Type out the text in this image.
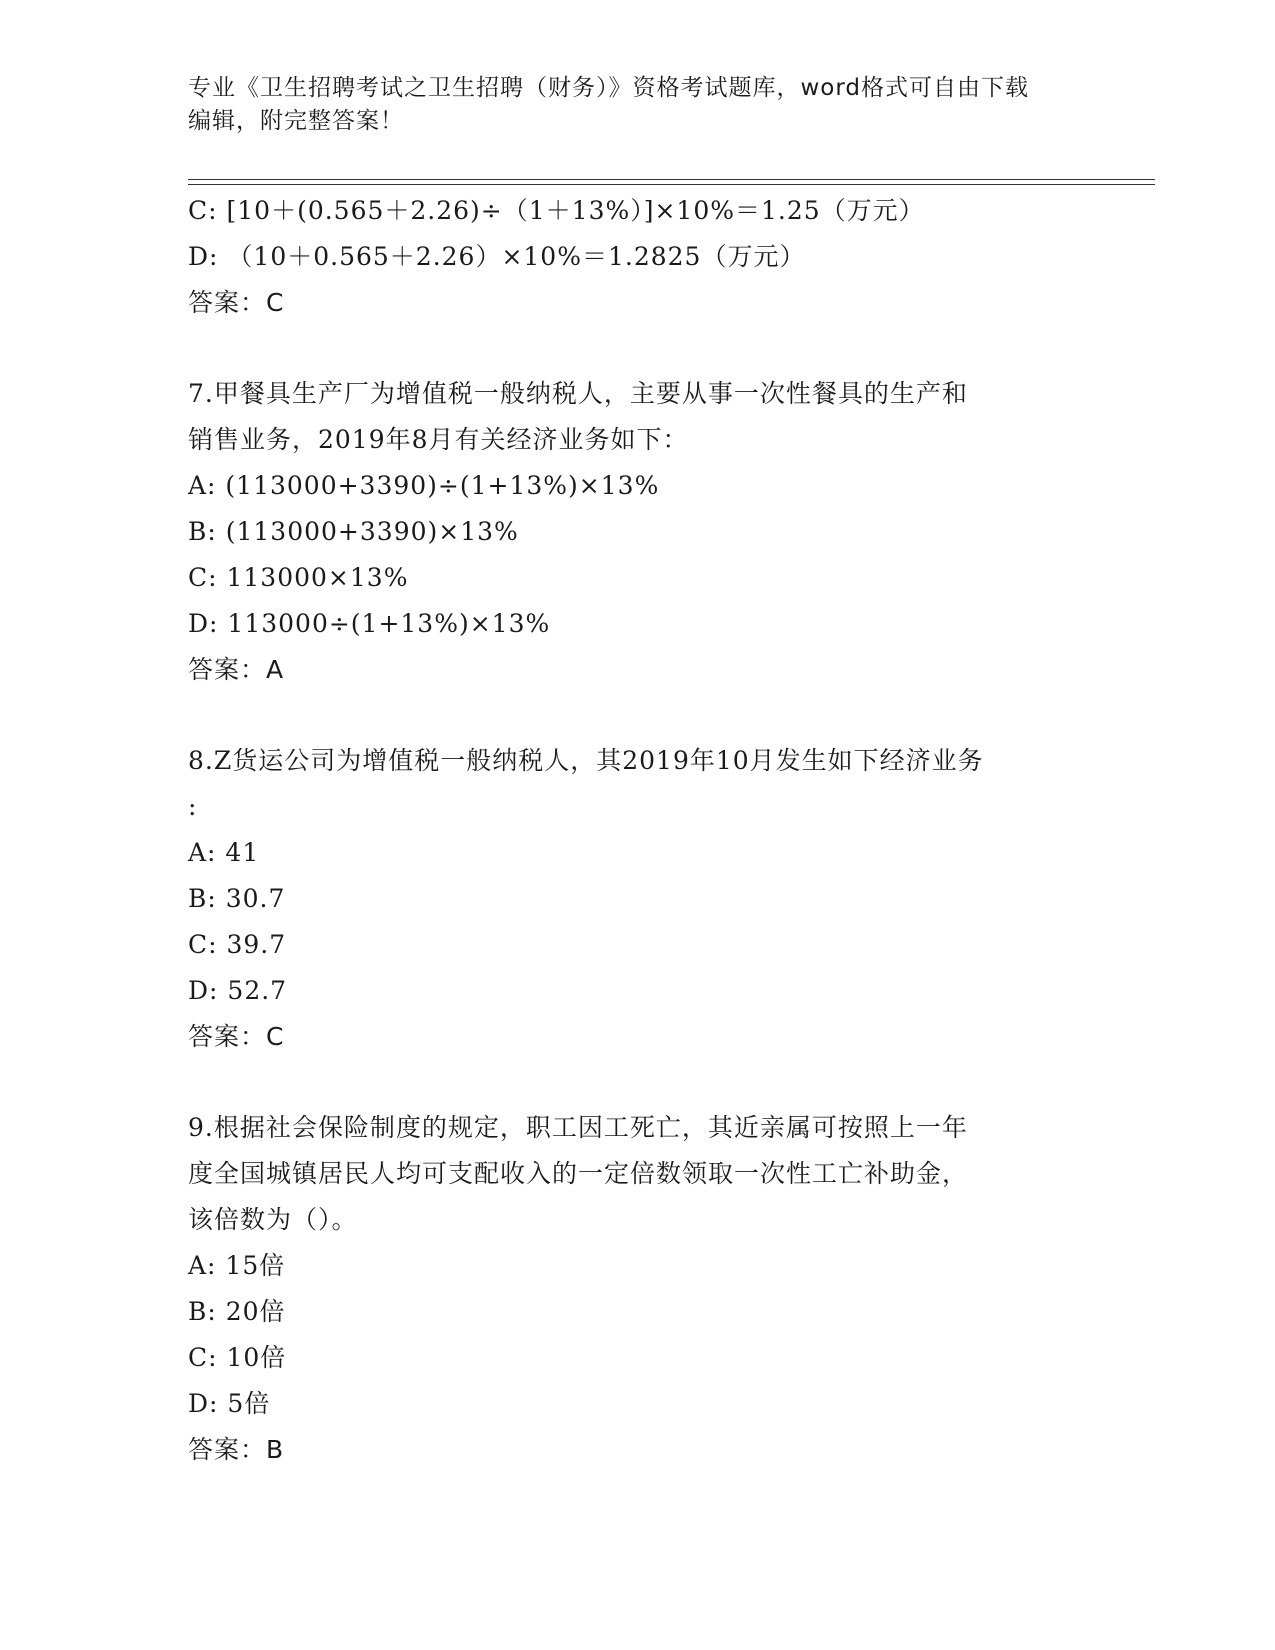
专业《卫生招聘考试之卫生招聘（财务）》资格考试题库，word格式可自由下载
编辑，附完整答案！
C: [10＋(0.565＋2.26)÷（1＋13%）]×10%＝1.25（万元）
D: （10＋0.565＋2.26）×10%＝1.2825（万元）
答案：C
7.甲餐具生产厂为增值税一般纳税人，主要从事一次性餐具的生产和
销售业务，2019年8月有关经济业务如下：
A: (113000+3390)÷(1+13%)×13%
B: (113000+3390)×13%
C: 113000×13%
D: 113000÷(1+13%)×13%
答案：A
8.Z货运公司为增值税一般纳税人，其2019年10月发生如下经济业务
:
A: 41
B: 30.7
C: 39.7
D: 52.7
答案：C
9.根据社会保险制度的规定，职工因工死亡，其近亲属可按照上一年
度全国城镇居民人均可支配收入的一定倍数领取一次性工亡补助金，
该倍数为（）。
A: 15倍
B: 20倍
C: 10倍
D: 5倍
答案：B
